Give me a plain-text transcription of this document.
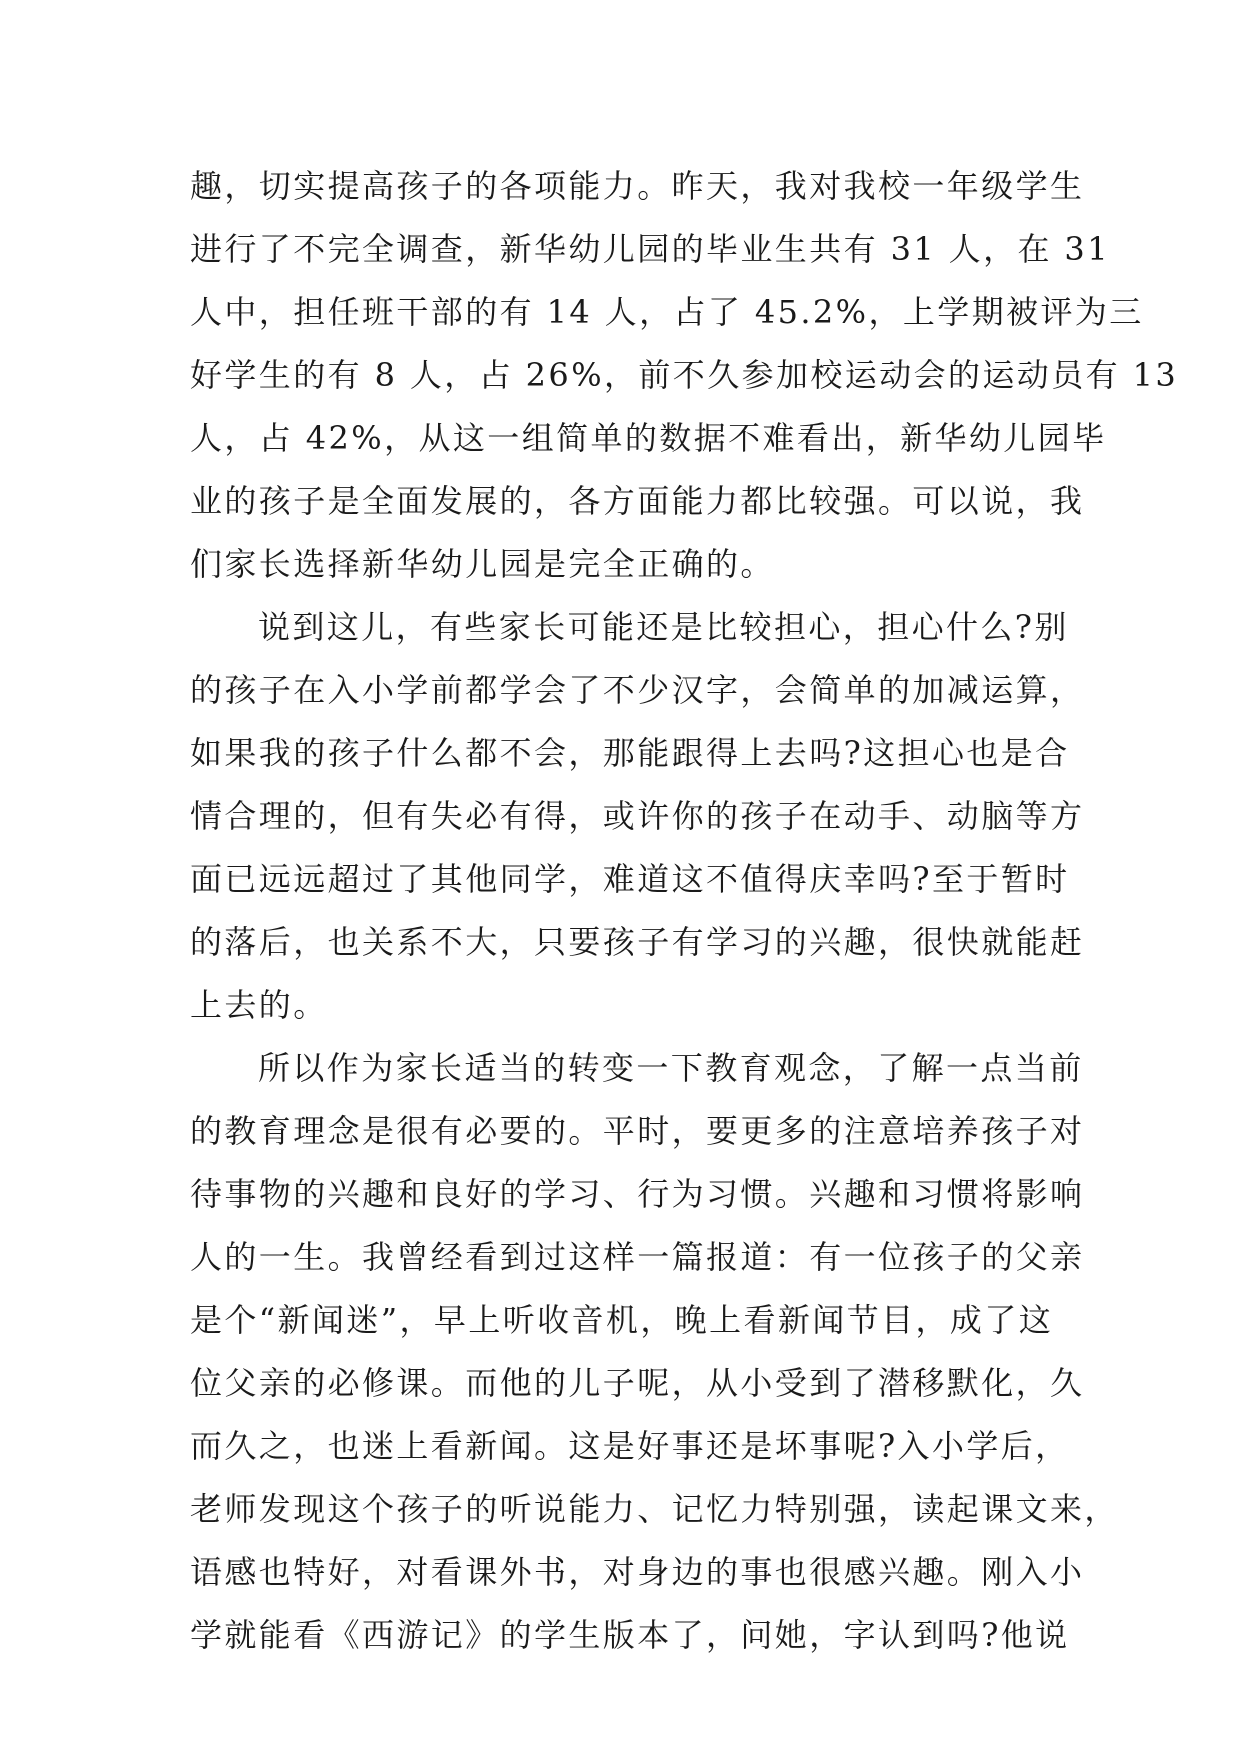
趣，切实提高孩子的各项能力。昨天，我对我校一年级学生
进行了不完全调查，新华幼儿园的毕业生共有 31 人，在 31
人中，担任班干部的有 14 人，占了 45.2%，上学期被评为三
好学生的有 8 人，占 26%，前不久参加校运动会的运动员有 13
人，占 42%，从这一组简单的数据不难看出，新华幼儿园毕
业的孩子是全面发展的，各方面能力都比较强。可以说，我
们家长选择新华幼儿园是完全正确的。
说到这儿，有些家长可能还是比较担心，担心什么?别
的孩子在入小学前都学会了不少汉字，会简单的加减运算，
如果我的孩子什么都不会，那能跟得上去吗?这担心也是合
情合理的，但有失必有得，或许你的孩子在动手、动脑等方
面已远远超过了其他同学，难道这不值得庆幸吗?至于暂时
的落后，也关系不大，只要孩子有学习的兴趣，很快就能赶
上去的。
所以作为家长适当的转变一下教育观念，了解一点当前
的教育理念是很有必要的。平时，要更多的注意培养孩子对
待事物的兴趣和良好的学习、行为习惯。兴趣和习惯将影响
人的一生。我曾经看到过这样一篇报道：有一位孩子的父亲
是个“新闻迷”，早上听收音机，晚上看新闻节目，成了这
位父亲的必修课。而他的儿子呢，从小受到了潜移默化，久
而久之，也迷上看新闻。这是好事还是坏事呢?入小学后，
老师发现这个孩子的听说能力、记忆力特别强，读起课文来，
语感也特好，对看课外书，对身边的事也很感兴趣。刚入小
学就能看《西游记》的学生版本了，问她，字认到吗?他说
